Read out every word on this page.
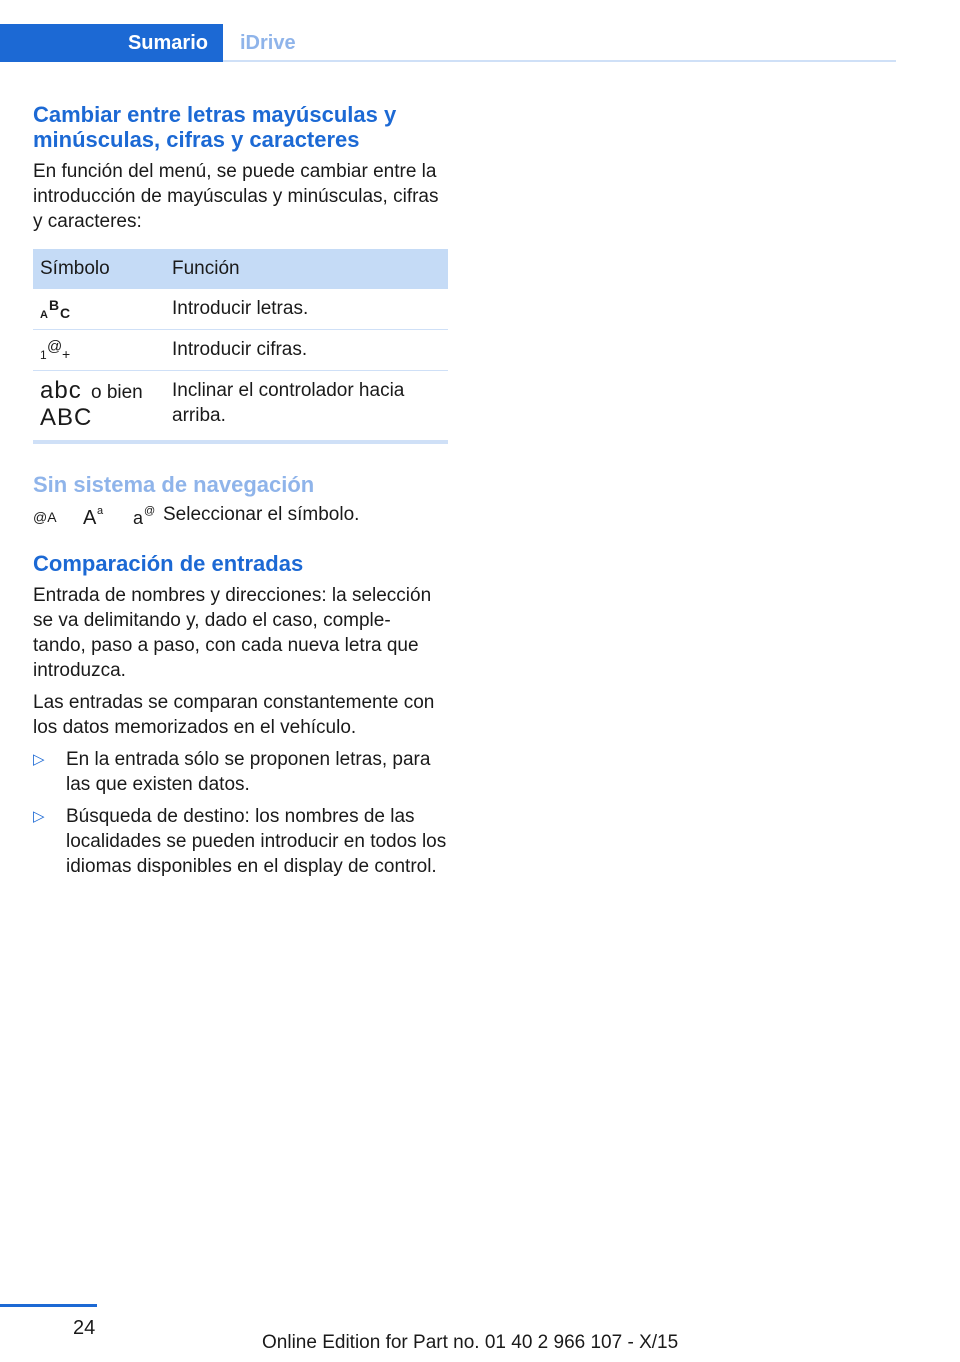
Sumario iDrive
Cambiar entre letras mayúsculas y minúsculas, cifras y caracteres

En función del menú, se puede cambiar entre la introducción de mayúsculas y minúsculas, cifras y caracteres:

Símbolo	Función

A
B C	Introducir letras.

1 @ +	Introducir cifras.

abc o bien
ABC	Inclinar el controlador hacia arriba.
Sin sistema de navegación
@A A a a @ Seleccionar el símbolo.
Comparación de entradas

Entrada de nombres y direcciones: la selección se va delimitando y, dado el caso, comple‐ tando, paso a paso, con cada nueva letra que introduzca.

Las entradas se comparan constantemente con los datos memorizados en el vehículo.

▷ En la entrada sólo se proponen letras, para las que existen datos.
▷ Búsqueda de destino: los nombres de las localidades se pueden introducir en todos los idiomas disponibles en el display de control.
24
Online Edition for Part no. 01 40 2 966 107 - X/15
